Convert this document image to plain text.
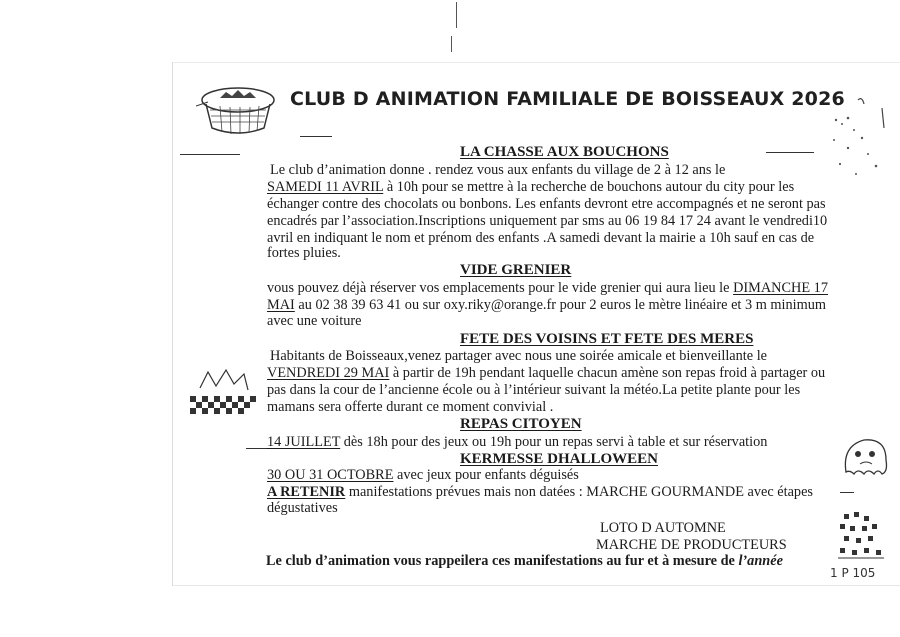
CLUB D ANIMATION FAMILIALE DE BOISSEAUX 2026
LA CHASSE AUX BOUCHONS
Le club d’animation donne . rendez vous aux enfants du village de 2 à 12 ans le
SAMEDI 11 AVRIL à 10h pour se mettre à la recherche de bouchons autour du city pour les
échanger contre des chocolats ou bonbons. Les enfants devront etre accompagnés et ne seront pas
encadrés par l’association.Inscriptions uniquement par sms au 06 19 84 17 24 avant le vendredi10
avril en indiquant le nom et prénom des enfants .A samedi devant la mairie a 10h sauf en cas de
fortes pluies.
VIDE GRENIER
vous pouvez déjà réserver vos emplacements pour le vide grenier qui aura lieu le DIMANCHE 17
MAI au 02 38 39 63 41 ou sur oxy.riky@orange.fr pour 2 euros le mètre linéaire et 3 m minimum
avec une voiture
FETE DES VOISINS ET FETE DES MERES
Habitants de Boisseaux,venez partager avec nous une soirée amicale et bienveillante le
VENDREDI 29 MAI à partir de 19h pendant laquelle chacun amène son repas froid à partager ou
pas dans la cour de l’ancienne école ou à l’intérieur suivant la météo.La petite plante pour les
mamans sera offerte durant ce moment convivial .
REPAS CITOYEN
14 JUILLET dès 18h pour des jeux ou 19h pour un repas servi à table et sur réservation
KERMESSE DHALLOWEEN
30 OU 31 OCTOBRE avec jeux pour enfants déguisés
A RETENIR manifestations prévues mais non datées : MARCHE GOURMANDE avec étapes
dégustatives
LOTO D AUTOMNE
MARCHE DE PRODUCTEURS
1 P 105
Le club d’animation vous rappeilera ces manifestations au fur et à mesure de l’année
